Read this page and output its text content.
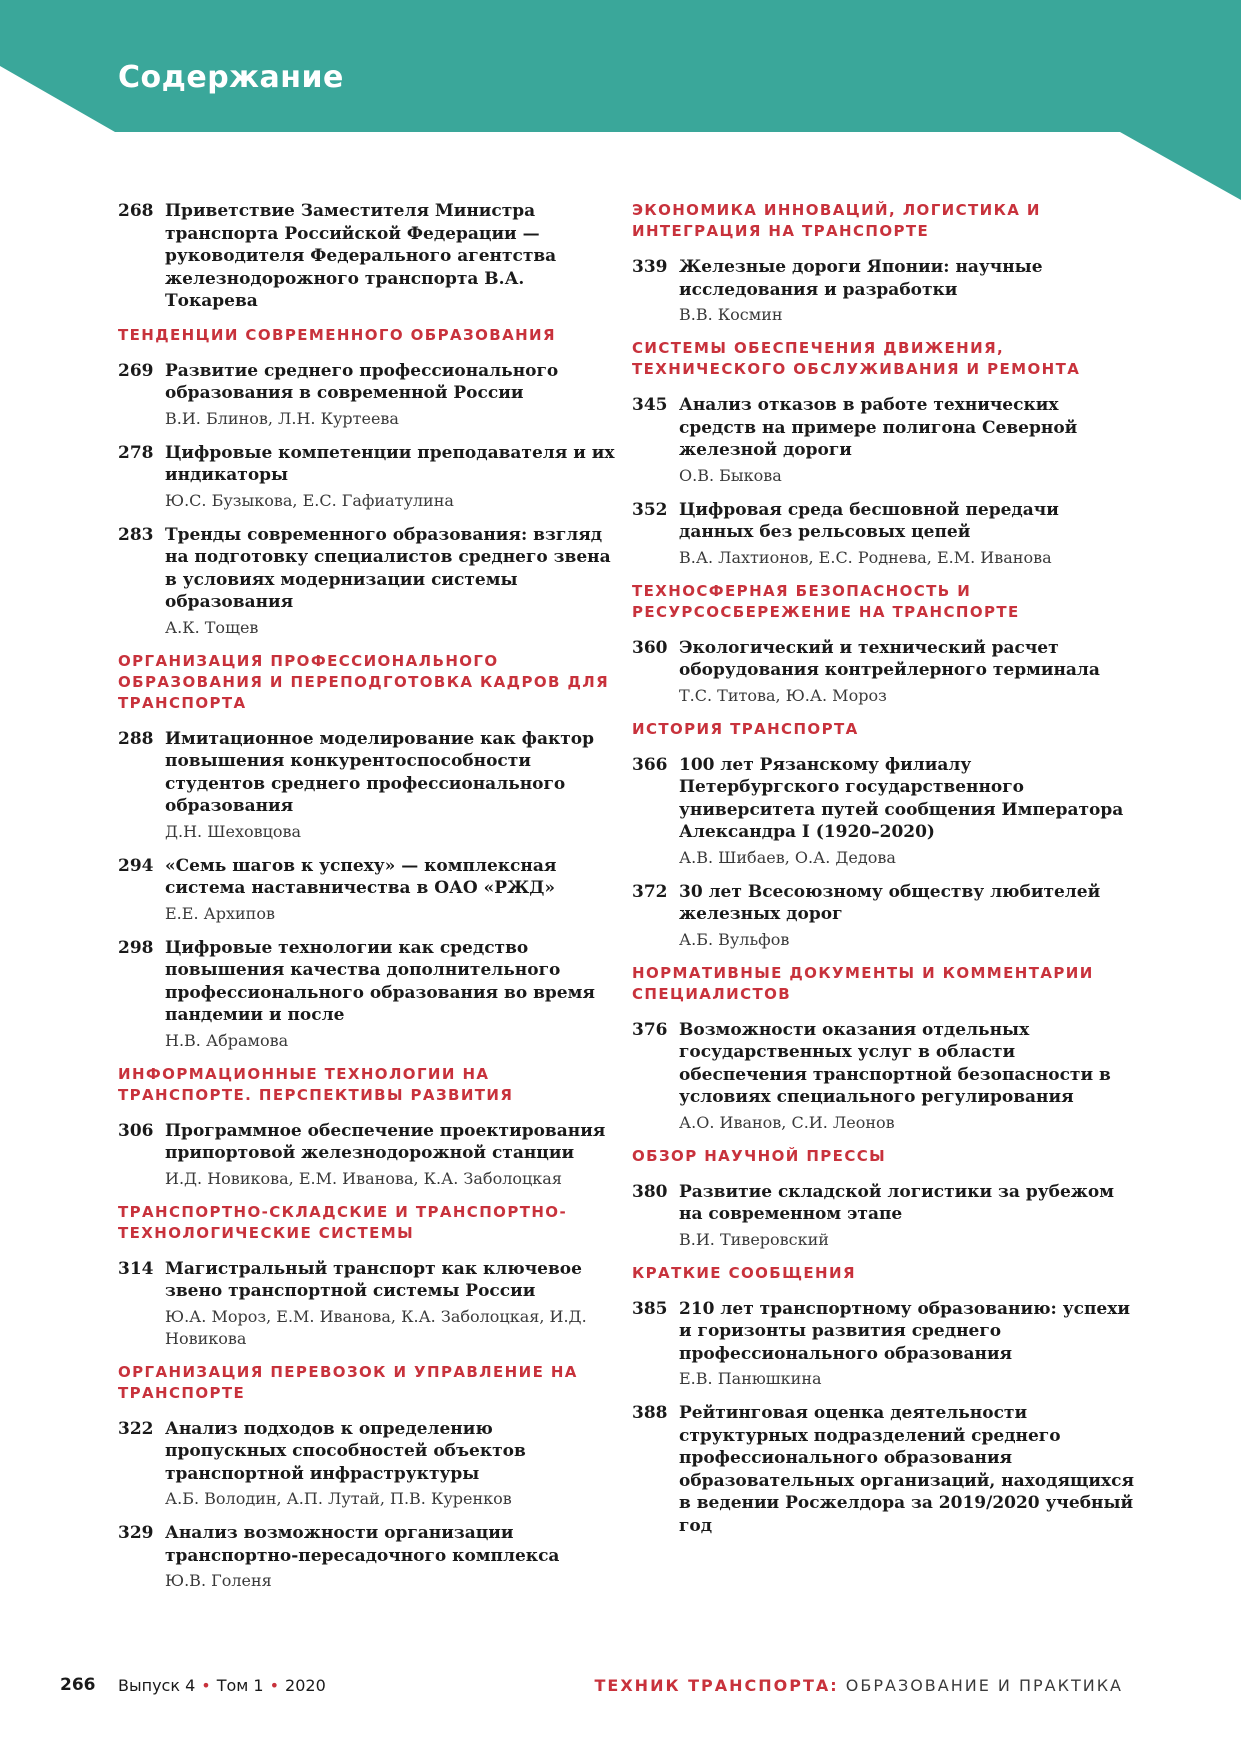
Содержание
268 Приветствие Заместителя Министра транспорта Российской Федерации — руководителя Федерального агентства железнодорожного транспорта В.А. Токарева
ТЕНДЕНЦИИ СОВРЕМЕННОГО ОБРАЗОВАНИЯ
269 Развитие среднего профессионального образования в современной России
В.И. Блинов, Л.Н. Куртеева
278 Цифровые компетенции преподавателя и их индикаторы
Ю.С. Бузыкова, Е.С. Гафиатулина
283 Тренды современного образования: взгляд на подготовку специалистов среднего звена в условиях модернизации системы образования
А.К. Тощев
ОРГАНИЗАЦИЯ ПРОФЕССИОНАЛЬНОГО ОБРАЗОВАНИЯ И ПЕРЕПОДГОТОВКА КАДРОВ ДЛЯ ТРАНСПОРТА
288 Имитационное моделирование как фактор повышения конкурентоспособности студентов среднего профессионального образования
Д.Н. Шеховцова
294 «Семь шагов к успеху» — комплексная система наставничества в ОАО «РЖД»
Е.Е. Архипов
298 Цифровые технологии как средство повышения качества дополнительного профессионального образования во время пандемии и после
Н.В. Абрамова
ИНФОРМАЦИОННЫЕ ТЕХНОЛОГИИ НА ТРАНСПОРТЕ. ПЕРСПЕКТИВЫ РАЗВИТИЯ
306 Программное обеспечение проектирования припортовой железнодорожной станции
И.Д. Новикова, Е.М. Иванова, К.А. Заболоцкая
ТРАНСПОРТНО-СКЛАДСКИЕ И ТРАНСПОРТНО-ТЕХНОЛОГИЧЕСКИЕ СИСТЕМЫ
314 Магистральный транспорт как ключевое звено транспортной системы России
Ю.А. Мороз, Е.М. Иванова, К.А. Заболоцкая, И.Д. Новикова
ОРГАНИЗАЦИЯ ПЕРЕВОЗОК И УПРАВЛЕНИЕ НА ТРАНСПОРТЕ
322 Анализ подходов к определению пропускных способностей объектов транспортной инфраструктуры
А.Б. Володин, А.П. Лутай, П.В. Куренков
329 Анализ возможности организации транспортно-пересадочного комплекса
Ю.В. Голеня
ЭКОНОМИКА ИННОВАЦИЙ, ЛОГИСТИКА И ИНТЕГРАЦИЯ НА ТРАНСПОРТЕ
339 Железные дороги Японии: научные исследования и разработки
В.В. Космин
СИСТЕМЫ ОБЕСПЕЧЕНИЯ ДВИЖЕНИЯ, ТЕХНИЧЕСКОГО ОБСЛУЖИВАНИЯ И РЕМОНТА
345 Анализ отказов в работе технических средств на примере полигона Северной железной дороги
О.В. Быкова
352 Цифровая среда бесшовной передачи данных без рельсовых цепей
В.А. Лахтионов, Е.С. Роднева, Е.М. Иванова
ТЕХНОСФЕРНАЯ БЕЗОПАСНОСТЬ И РЕСУРСОСБЕРЕЖЕНИЕ НА ТРАНСПОРТЕ
360 Экологический и технический расчет оборудования контрейлерного терминала
Т.С. Титова, Ю.А. Мороз
ИСТОРИЯ ТРАНСПОРТА
366 100 лет Рязанскому филиалу Петербургского государственного университета путей сообщения Императора Александра I (1920–2020)
А.В. Шибаев, О.А. Дедова
372 30 лет Всесоюзному обществу любителей железных дорог
А.Б. Вульфов
НОРМАТИВНЫЕ ДОКУМЕНТЫ И КОММЕНТАРИИ СПЕЦИАЛИСТОВ
376 Возможности оказания отдельных государственных услуг в области обеспечения транспортной безопасности в условиях специального регулирования
А.О. Иванов, С.И. Леонов
ОБЗОР НАУЧНОЙ ПРЕССЫ
380 Развитие складской логистики за рубежом на современном этапе
В.И. Тиверовский
КРАТКИЕ СООБЩЕНИЯ
385 210 лет транспортному образованию: успехи и горизонты развития среднего профессионального образования
Е.В. Панюшкина
388 Рейтинговая оценка деятельности структурных подразделений среднего профессионального образования образовательных организаций, находящихся в ведении Росжелдора за 2019/2020 учебный год
266 Выпуск 4 • Том 1 • 2020	ТЕХНИК ТРАНСПОРТА: ОБРАЗОВАНИЕ И ПРАКТИКА
